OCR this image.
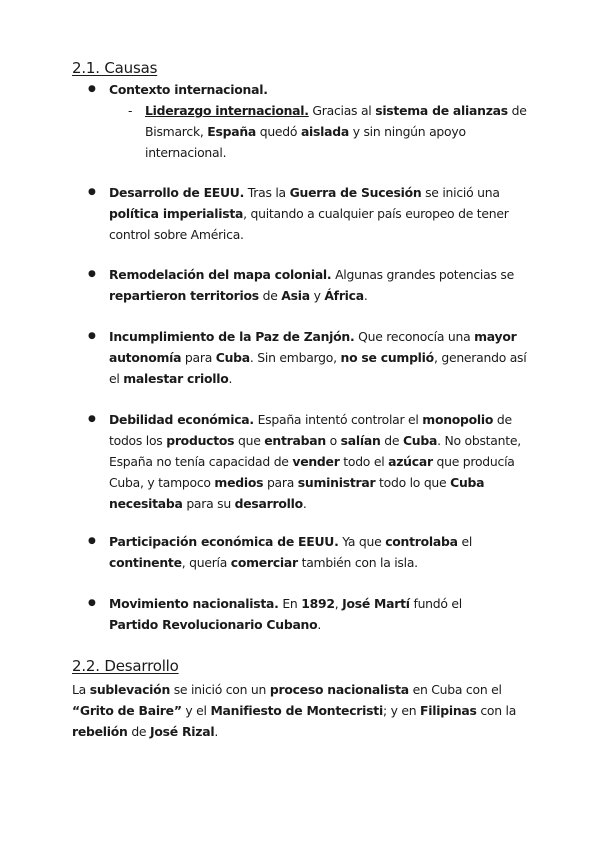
2.1. Causas
● Contexto internacional.

- Liderazgo internacional. Gracias al sistema de alianzas de Bismarck, España quedó aislada y sin ningún apoyo internacional.

● Desarrollo de EEUU. Tras la Guerra de Sucesión se inició una política imperialista, quitando a cualquier país europeo de tener control sobre América.

● Remodelación del mapa colonial. Algunas grandes potencias se repartieron territorios de Asia y África.

● Incumplimiento de la Paz de Zanjón. Que reconocía una mayor autonomía para Cuba. Sin embargo, no se cumplió, generando así el malestar criollo.

● Debilidad económica. España intentó controlar el monopolio de todos los productos que entraban o salían de Cuba. No obstante, España no tenía capacidad de vender todo el azúcar que producía Cuba, y tampoco medios para suministrar todo lo que Cuba necesitaba para su desarrollo.

● Participación económica de EEUU. Ya que controlaba el continente, quería comerciar también con la isla.

● Movimiento nacionalista. En 1892, José Martí fundó el Partido Revolucionario Cubano.

2.2. Desarrollo

La sublevación se inició con un proceso nacionalista en Cuba con el “Grito de Baire” y el Manifiesto de Montecristi; y en Filipinas con la rebelión de José Rizal.
